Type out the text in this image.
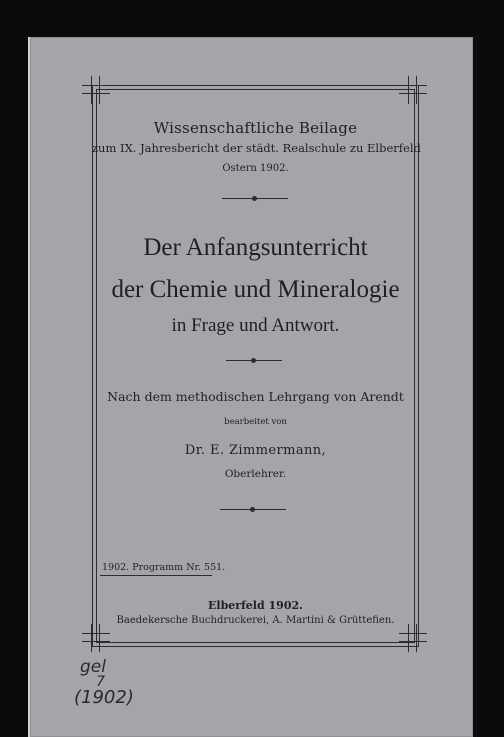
Wissenschaftliche Beilage
zum IX. Jahresbericht der städt. Realschule zu Elberfeld
Ostern 1902.
Der Anfangsunterricht
der Chemie und Mineralogie
in Frage und Antwort.
Nach dem methodischen Lehrgang von Arendt
bearbeitet von
Dr. E. Zimmermann,
Oberlehrer.
1902. Programm Nr. 551.
Elberfeld 1902.
Baedekersche Buchdruckerei, A. Martini & Grüttefien.
gel
7
(1902)
